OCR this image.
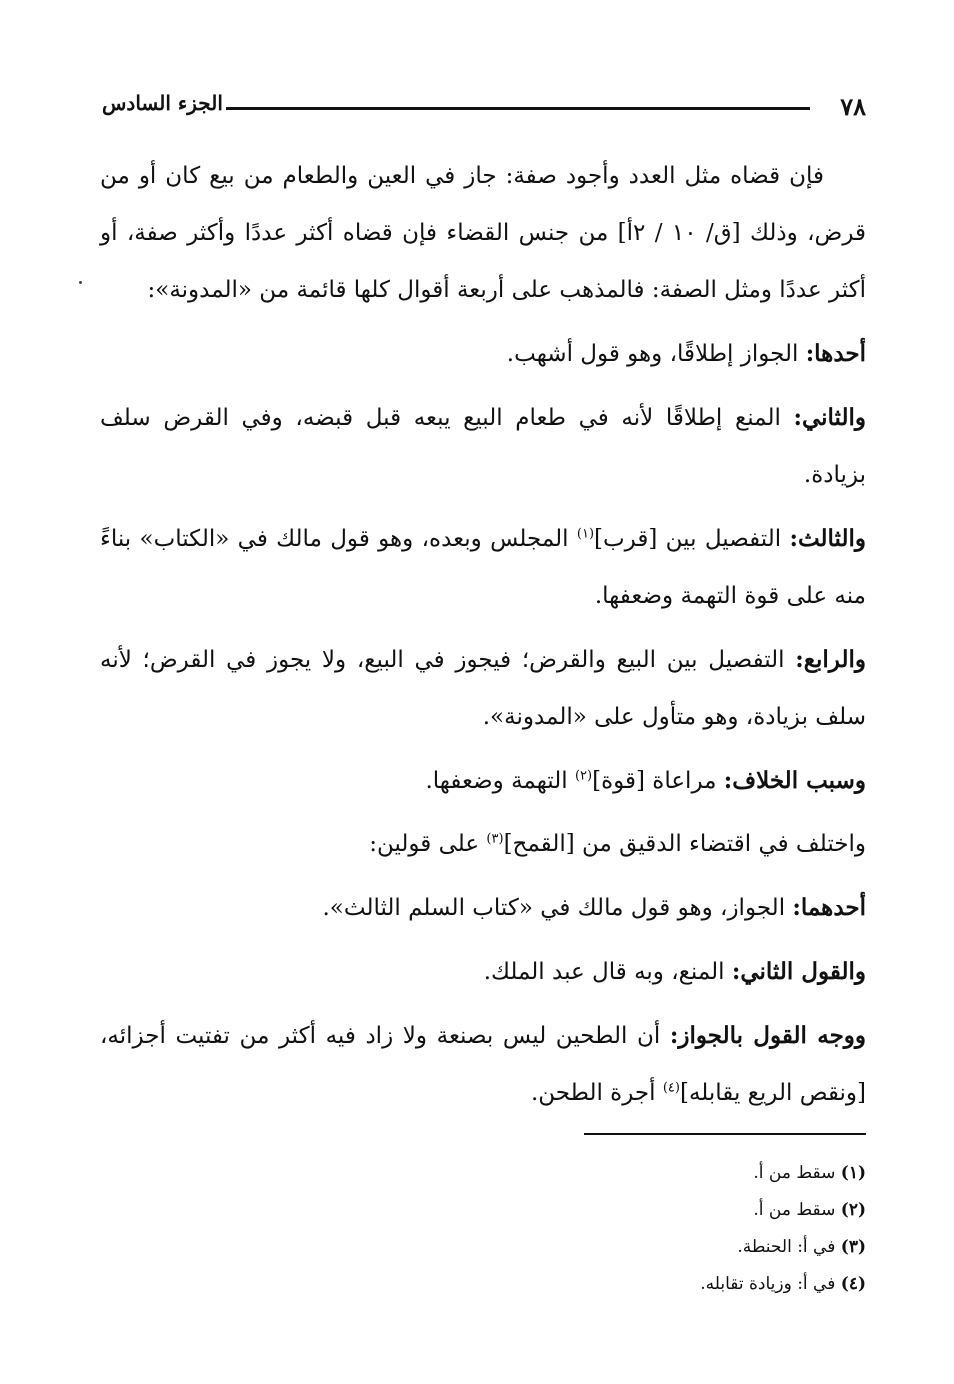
٧٨
الجزء السادس

فإن قضاه مثل العدد وأجود صفة: جاز في العين والطعام من بيع كان أو من قرض، وذلك [ق/ ١٠ / ٢أ] من جنس القضاء فإن قضاه أكثر عددًا وأكثر صفة، أو أكثر عددًا ومثل الصفة: فالمذهب على أربعة أقوال كلها قائمة من «المدونة»:

أحدها: الجواز إطلاقًا، وهو قول أشهب.

والثاني: المنع إطلاقًا لأنه في طعام البيع يبعه قبل قبضه، وفي القرض سلف بزيادة.

والثالث: التفصيل بين [قرب]$^{(١)}$ المجلس وبعده، وهو قول مالك في «الكتاب» بناءً منه على قوة التهمة وضعفها.

والرابع: التفصيل بين البيع والقرض؛ فيجوز في البيع، ولا يجوز في القرض؛ لأنه سلف بزيادة، وهو متأول على «المدونة».

وسبب الخلاف: مراعاة [قوة]$^{(٢)}$ التهمة وضعفها.

واختلف في اقتضاء الدقيق من [القمح]$^{(٣)}$ على قولين:

أحدهما: الجواز، وهو قول مالك في «كتاب السلم الثالث».

والقول الثاني: المنع، وبه قال عبد الملك.

ووجه القول بالجواز: أن الطحين ليس بصنعة ولا زاد فيه أكثر من تفتيت أجزائه، [ونقص الريع يقابله]$^{(٤)}$ أجرة الطحن.

(١) سقط من أ.

(٢) سقط من أ.

(٣) في أ: الحنطة.

(٤) في أ: وزيادة تقابله.
